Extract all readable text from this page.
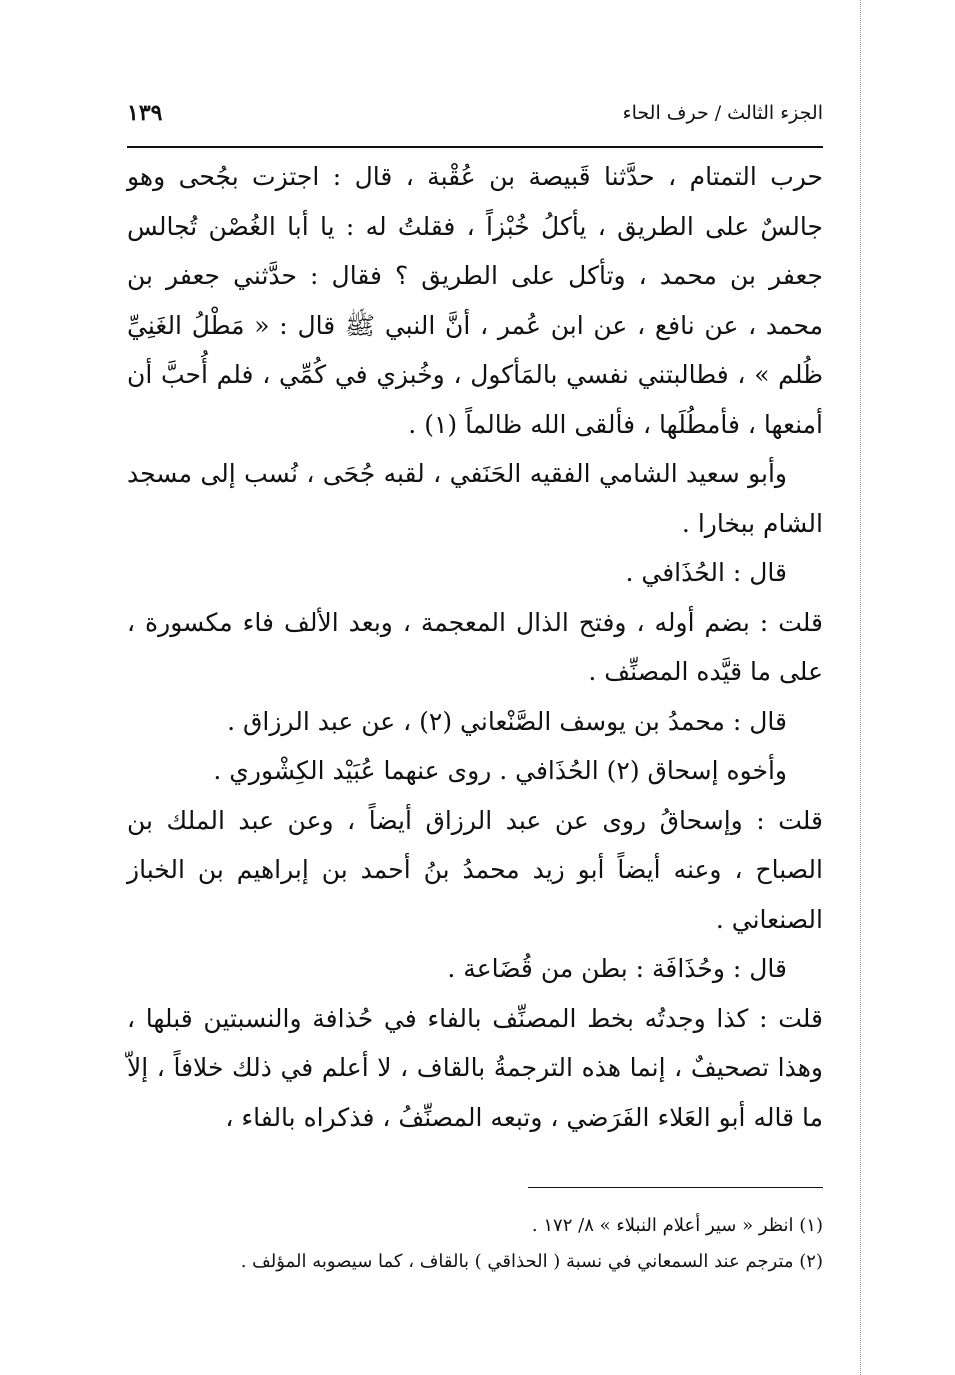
الجزء الثالث / حرف الحاء
١٣٩

حرب التمتام ، حدَّثنا قَبيصة بن عُقْبة ، قال : اجتزت بجُحى وهو جالسٌ على الطريق ، يأكلُ خُبْزاً ، فقلتُ له : يا أبا الغُصْن تُجالس جعفر بن محمد ، وتأكل على الطريق ؟ فقال : حدَّثني جعفر بن محمد ، عن نافع ، عن ابن عُمر ، أنَّ النبي ﷺ قال : « مَطْلُ الغَنِيِّ ظُلم » ، فطالبتني نفسي بالمَأكول ، وخُبزي في كُمِّي ، فلم أُحبَّ أن أمنعها ، فأمطُلَها ، فألقى الله ظالماً (١) .

وأبو سعيد الشامي الفقيه الحَنَفي ، لقبه جُحَى ، نُسب إلى مسجد الشام ببخارا .

قال : الحُذَافي .

قلت : بضم أوله ، وفتح الذال المعجمة ، وبعد الألف فاء مكسورة ، على ما قيَّده المصنِّف .

قال : محمدُ بن يوسف الصَّنْعاني (٢) ، عن عبد الرزاق .

وأخوه إسحاق (٢) الحُذَافي . روى عنهما عُبَيْد الكِشْوري .

قلت : وإسحاقُ روى عن عبد الرزاق أيضاً ، وعن عبد الملك بن الصباح ، وعنه أيضاً أبو زيد محمدُ بنُ أحمد بن إبراهيم بن الخباز الصنعاني .

قال : وحُذَافَة : بطن من قُضَاعة .

قلت : كذا وجدتُه بخط المصنِّف بالفاء في حُذافة والنسبتين قبلها ، وهذا تصحيفٌ ، إنما هذه الترجمةُ بالقاف ، لا أعلم في ذلك خلافاً ، إلاّ ما قاله أبو العَلاء الفَرَضي ، وتبعه المصنِّفُ ، فذكراه بالفاء ،

(١) انظر « سير أعلام النبلاء » ٨/ ١٧٢ .

(٢) مترجم عند السمعاني في نسبة ( الحذاقي ) بالقاف ، كما سيصوبه المؤلف .
